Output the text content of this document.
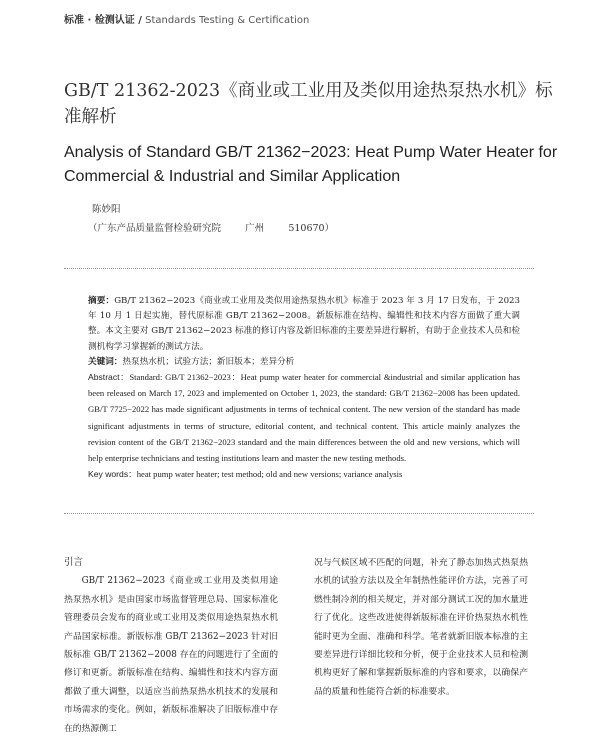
标准 · 检测认证 / Standards Testing & Certification
GB/T 21362-2023《商业或工业用及类似用途热泵热水机》标准解析
Analysis of Standard GB/T 21362−2023: Heat Pump Water Heater for Commercial & Industrial and Similar Application
陈妙阳
（广东产品质量监督检验研究院        广州        510670）

摘要：GB/T 21362−2023《商业或工业用及类似用途热泵热水机》标准于 2023 年 3 月 17 日发布，于 2023 年 10 月 1 日起实施，替代原标准 GB/T 21362−2008。新版标准在结构、编辑性和技术内容方面做了重大调整。本文主要对 GB/T 21362−2023 标准的修订内容及新旧标准的主要差异进行解析，有助于企业技术人员和检测机构学习掌握新的测试方法。

关键词：热泵热水机；试验方法；新旧版本；差异分析

Abstract：Standard: GB/T 21362−2023：Heat pump water heater for commercial &industrial and similar application has been released on March 17, 2023 and implemented on October 1, 2023, the standard: GB/T 21362−2008 has been updated. GB/T 7725−2022 has made significant adjustments in terms of technical content. The new version of the standard has made significant adjustments in terms of structure, editorial content, and technical content. This article mainly analyzes the revision content of the GB/T 21362−2023 standard and the main differences between the old and new versions, which will help enterprise technicians and testing institutions learn and master the new testing methods.

Key words：heat pump water heater; test method; old and new versions; variance analysis

引言

GB/T 21362−2023《商业或工业用及类似用途热泵热水机》是由国家市场监督管理总局、国家标准化管理委员会发布的商业或工业用及类似用途热泵热水机产品国家标准。新版标准 GB/T 21362−2023 针对旧版标准 GB/T 21362−2008 存在的问题进行了全面的修订和更新。新版标准在结构、编辑性和技术内容方面都做了重大调整，以适应当前热泵热水机技术的发展和市场需求的变化。例如，新版标准解决了旧版标准中存在的热源侧工

况与气候区域不匹配的问题，补充了静态加热式热泵热水机的试验方法以及全年制热性能评价方法，完善了可燃性制冷剂的相关规定，并对部分测试工况的加水量进行了优化。这些改进使得新版标准在评价热泵热水机性能时更为全面、准确和科学。笔者就新旧版本标准的主要差异进行详细比较和分析，便于企业技术人员和检测机构更好了解和掌握新版标准的内容和要求，以确保产品的质量和性能符合新的标准要求。
